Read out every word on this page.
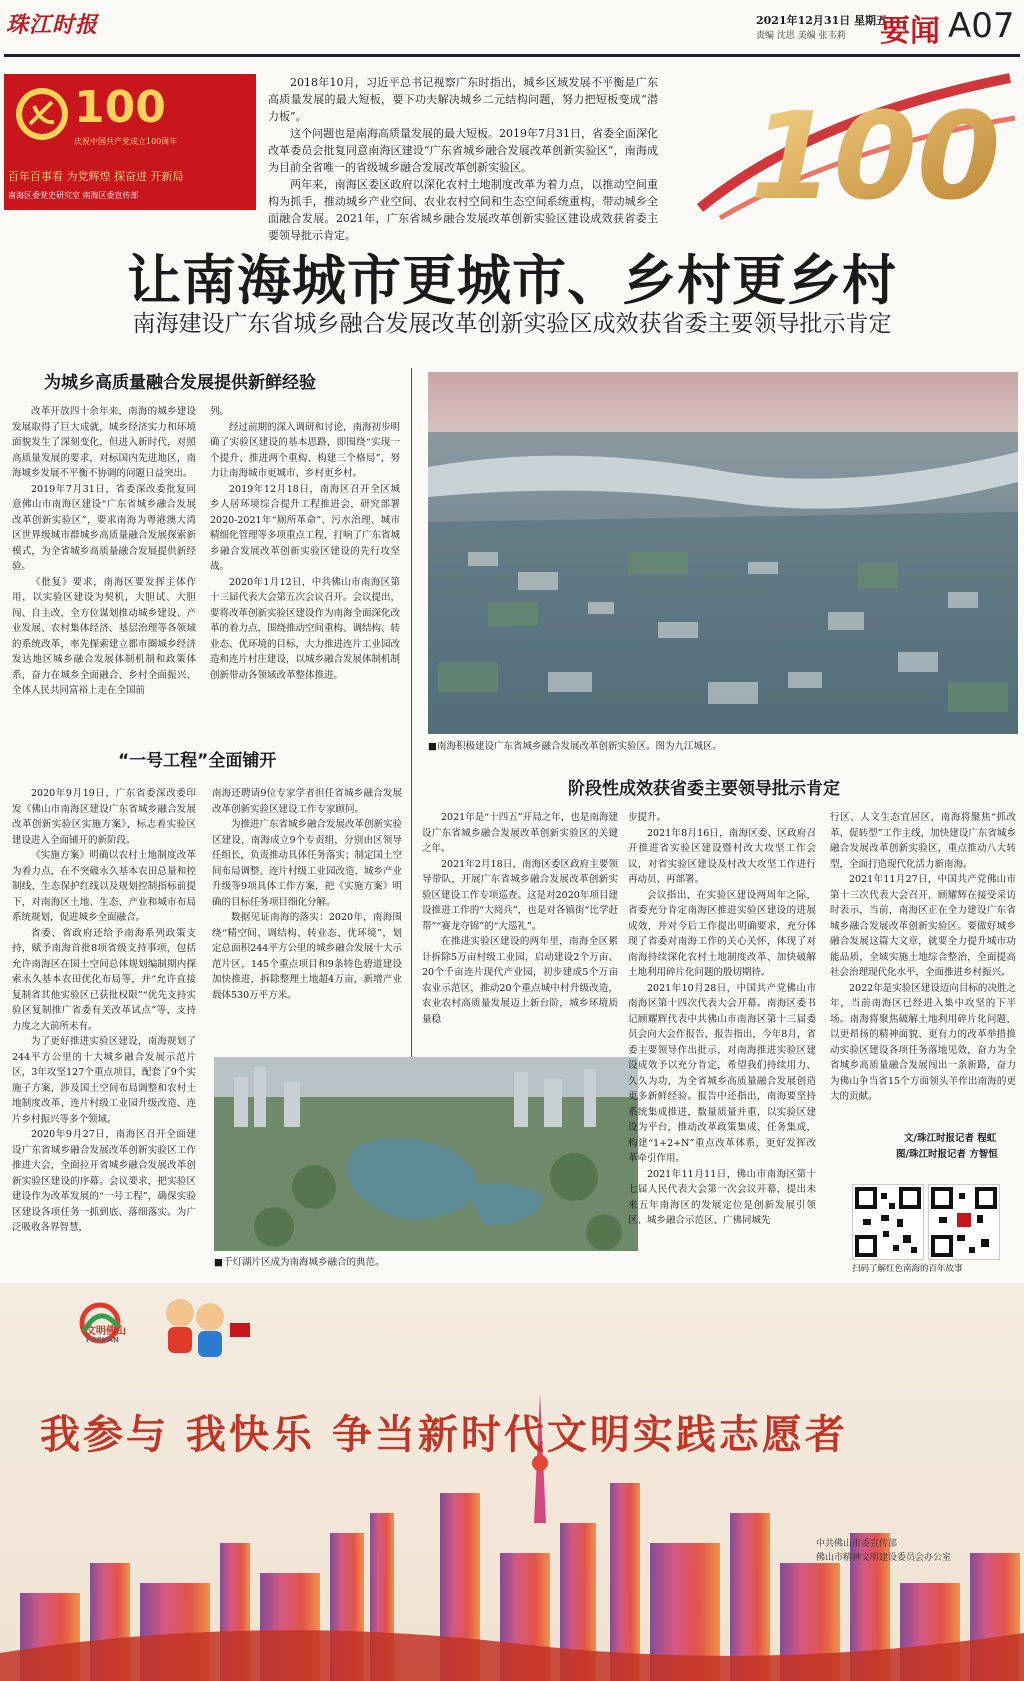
珠江时报	2021年12月31日 星期五
责编 沈思 美编 张韦莉 要闻 A07
100
庆祝中国共产党成立100周年
百年百事看 为党辉煌 探奋进 开新局
南海区委党史研究室 南海区委宣传部

2018年10月，习近平总书记视察广东时指出，城乡区域发展不平衡是广东高质量发展的最大短板，要下功夫解决城乡二元结构问题，努力把短板变成“潜力板”。

这个问题也是南海高质量发展的最大短板。2019年7月31日，省委全面深化改革委员会批复同意南海区建设“广东省城乡融合发展改革创新实验区”，南海成为目前全省唯一的省级城乡融合发展改革创新实验区。

两年来，南海区委区政府以深化农村土地制度改革为着力点，以推动空间重构为抓手，推动城乡产业空间、农业农村空间和生态空间系统重构，带动城乡全面融合发展。2021年，广东省城乡融合发展改革创新实验区建设成效获省委主要领导批示肯定。

100
让南海城市更城市、乡村更乡村
南海建设广东省城乡融合发展改革创新实验区成效获省委主要领导批示肯定
为城乡高质量融合发展提供新鲜经验

改革开放四十余年来，南海的城乡建设发展取得了巨大成就，城乡经济实力和环境面貌发生了深刻变化，但进入新时代，对照高质量发展的要求，对标国内先进地区，南海城乡发展不平衡不协调的问题日益突出。

2019年7月31日，省委深改委批复同意佛山市南海区建设“广东省城乡融合发展改革创新实验区”，要求南海为粤港澳大湾区世界级城市群城乡高质量融合发展探索新模式，为全省城乡高质量融合发展提供新经验。

《批复》要求，南海区要发挥主体作用，以实验区建设为契机，大胆试、大胆闯、自主改，全方位谋划推动城乡建设、产业发展、农村集体经济、基层治理等各领域的系统改革，率先探索建立都市圈城乡经济发达地区城乡融合发展体制机制和政策体系，奋力在城乡全面融合、乡村全面振兴、全体人民共同富裕上走在全国前

列。

经过前期的深入调研和讨论，南海初步明确了实验区建设的基本思路，即围绕“实现一个提升、推进两个重构、构建三个格局”，努力让南海城市更城市、乡村更乡村。

2019年12月18日，南海区召开全区城乡人居环境综合提升工程推进会，研究部署2020-2021年“厕所革命”、污水治理、城市精细化管理等多项重点工程，打响了广东省城乡融合发展改革创新实验区建设的先行攻坚战。

2020年1月12日，中共佛山市南海区第十三届代表大会第五次会议召开。会议提出，要将改革创新实验区建设作为南海全面深化改革的着力点，围绕推动空间重构、调结构、转业态、优环境的目标，大力推进连片工业园改造和连片村庄建设，以城乡融合发展体制机制创新带动各领域改革整体推进。

■南海积极建设广东省城乡融合发展改革创新实验区。图为九江城区。
“一号工程”全面铺开

2020年9月19日，广东省委深改委印发《佛山市南海区建设广东省城乡融合发展改革创新实验区实施方案》，标志着实验区建设进入全面铺开的新阶段。

《实施方案》明确以农村土地制度改革为着力点，在不突破永久基本农田总量和控制线、生态保护红线以及规划控制指标前提下，对南海区土地、生态、产业和城市布局系统规划，促进城乡全面融合。

省委、省政府还给予南海系列政策支持，赋予南海首批8项省级支持事项，包括允许南海区在国土空间总体规划编制期内探索永久基本农田优化布局等，并“允许直接复制省其他实验区已获批权限”“优先支持实验区复制推广省委有关改革试点”等，支持力度之大前所未有。

为了更好推进实验区建设，南海规划了244平方公里的十大城乡融合发展示范片区，3年攻坚127个重点项目，配套了9个实施子方案，涉及国土空间布局调整和农村土地制度改革、连片村级工业园升级改造、连片乡村振兴等多个领域。

2020年9月27日，南海区召开全面建设广东省城乡融合发展改革创新实验区工作推进大会，全面拉开省城乡融合发展改革创新实验区建设的序幕。会议要求，把实验区建设作为改革发展的“一号工程”，确保实验区建设各项任务一抓到底、落细落实。为广泛吸收各界智慧，

南海还聘请9位专家学者担任省城乡融合发展改革创新实验区建设工作专家顾问。

为推进广东省城乡融合发展改革创新实验区建设，南海成立9个专责组，分别由区领导任组长，负责推动具体任务落实；制定国土空间布局调整、连片村级工业园改造、城乡产业升级等9项具体工作方案，把《实施方案》明确的目标任务项目细化分解。

数据见证南海的落实：2020年，南海围绕“精空间、调结构、转业态、优环境”，划定总面积244平方公里的城乡融合发展十大示范片区，145个重点项目和9条特色碧道建设加快推进，拆除整理土地超4万亩，新增产业载体530万平方米。

■千灯湖片区成为南海城乡融合的典范。
阶段性成效获省委主要领导批示肯定

2021年是“十四五”开局之年，也是南海建设广东省城乡融合发展改革创新实验区的关键之年。

2021年2月18日，南海区委区政府主要领导带队，开展广东省城乡融合发展改革创新实验区建设工作专项巡查。这是对2020年项目建设推进工作的“大阅兵”，也是对各镇街“比学赶帮”“赛龙夺锦”的“大巡礼”。

在推进实验区建设的两年里，南海全区累计拆除5万亩村级工业园，启动建设2个万亩、20个千亩连片现代产业园，初步建成5个万亩农业示范区，推动20个重点城中村升级改造，农业农村高质量发展迈上新台阶，城乡环境质量稳

步提升。

2021年8月16日，南海区委、区政府召开推进省实验区建设暨村改大攻坚工作会议，对省实验区建设及村改大攻坚工作进行再动员、再部署。

会议指出，在实验区建设两周年之际，省委充分肯定南海区推进实验区建设的进展成效，并对今后工作提出明确要求，充分体现了省委对南海工作的关心关怀，体现了对南海持续深化农村土地制度改革、加快破解土地利用碎片化问题的殷切期待。

2021年10月28日，中国共产党佛山市南海区第十四次代表大会开幕。南海区委书记顾耀辉代表中共佛山市南海区第十三届委员会向大会作报告，报告指出，今年8月，省委主要领导作出批示，对南海推进实验区建设成效予以充分肯定，希望我们持续用力、久久为功，为全省城乡高质量融合发展创造更多新鲜经验。报告中还指出，南海要坚持系统集成推进，数量质量并重，以实验区建设为平台，推动改革政策集成、任务集成，构建“1+2+N”重点改革体系，更好发挥改革牵引作用。

2021年11月11日，佛山市南海区第十七届人民代表大会第一次会议开幕，提出未来五年南海区的发展定位是创新发展引领区、城乡融合示范区、广佛同城先

行区、人文生态宜居区，南海将聚焦“抓改革、促转型”工作主线，加快建设广东省城乡融合发展改革创新实验区，重点推动八大转型，全面打造现代化活力新南海。

2021年11月27日，中国共产党佛山市第十三次代表大会召开，顾耀辉在接受采访时表示，当前，南海区正在全力建设广东省城乡融合发展改革创新实验区。要做好城乡融合发展这篇大文章，就要全力提升城市功能品质，全域实施土地综合整治，全面提高社会治理现代化水平，全面推进乡村振兴。

2022年是实验区建设迈向目标的决胜之年，当前南海区已经进入集中攻坚的下半场。南海将聚焦破解土地利用碎片化问题，以更昂扬的精神面貌、更有力的改革举措推动实验区建设各项任务落地见效，奋力为全省城乡高质量融合发展闯出一条新路，奋力为佛山争当省15个方面领头羊作出南海的更大的贡献。

文/珠江时报记者 程虹
图/珠江时报记者 方智恒
扫码了解红色南海的百年故事
文明佛山
FOSHAN
我参与 我快乐 争当新时代文明实践志愿者
中共佛山市委宣传部
佛山市精神文明建设委员会办公室
